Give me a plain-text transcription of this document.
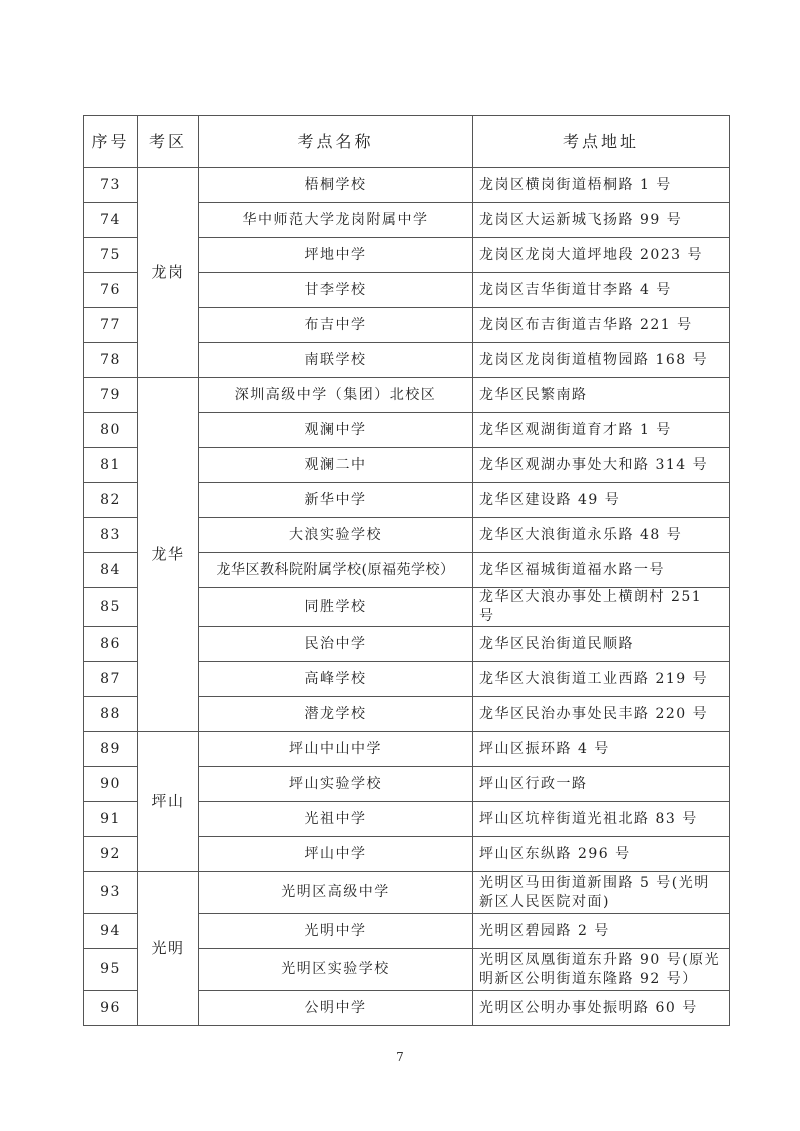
序号	考区	考点名称	考点地址
73	龙岗	梧桐学校	龙岗区横岗街道梧桐路 1 号
74		华中师范大学龙岗附属中学	龙岗区大运新城飞扬路 99 号
75		坪地中学	龙岗区龙岗大道坪地段 2023 号
76		甘李学校	龙岗区吉华街道甘李路 4 号
77		布吉中学	龙岗区布吉街道吉华路 221 号
78		南联学校	龙岗区龙岗街道植物园路 168 号
79	龙华	深圳高级中学（集团）北校区	龙华区民繁南路
80		观澜中学	龙华区观湖街道育才路 1 号
81		观澜二中	龙华区观湖办事处大和路 314 号
82		新华中学	龙华区建设路 49 号
83		大浪实验学校	龙华区大浪街道永乐路 48 号
84		龙华区教科院附属学校(原福苑学校）	龙华区福城街道福水路一号
85		同胜学校	龙华区大浪办事处上横朗村 251 号
86		民治中学	龙华区民治街道民顺路
87		高峰学校	龙华区大浪街道工业西路 219 号
88		潜龙学校	龙华区民治办事处民丰路 220 号
89	坪山	坪山中山中学	坪山区振环路 4 号
90		坪山实验学校	坪山区行政一路
91		光祖中学	坪山区坑梓街道光祖北路 83 号
92		坪山中学	坪山区东纵路 296 号
93	光明	光明区高级中学	光明区马田街道新围路 5 号(光明新区人民医院对面)
94		光明中学	光明区碧园路 2 号
95		光明区实验学校	光明区凤凰街道东升路 90 号(原光明新区公明街道东隆路 92 号）
96		公明中学	光明区公明办事处振明路 60 号
7
